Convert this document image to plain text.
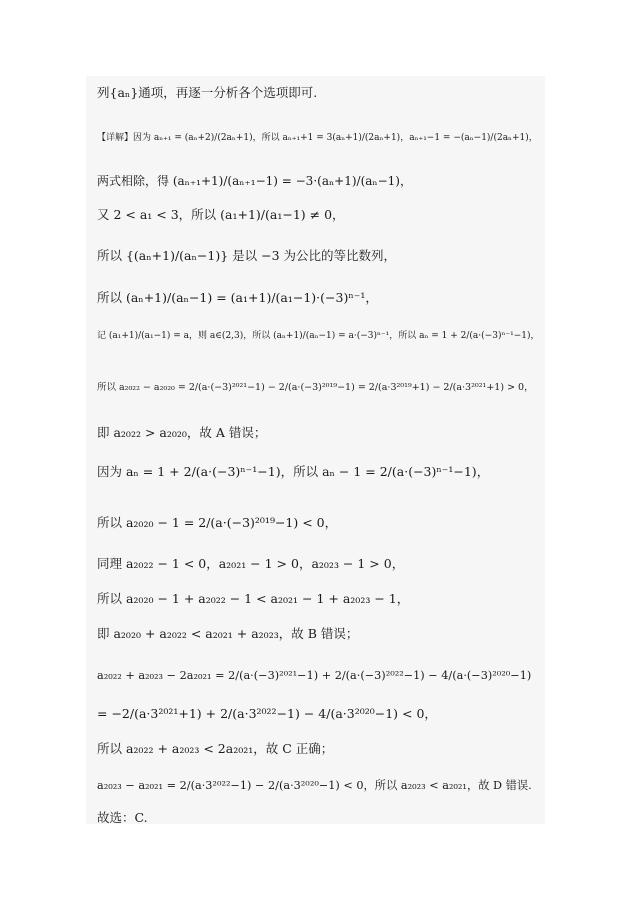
列{aₙ}通项，再逐一分析各个选项即可.
【详解】因为 aₙ₊₁ = (aₙ+2)/(2aₙ+1)，所以 aₙ₊₁+1 = 3(aₙ+1)/(2aₙ+1)，aₙ₊₁−1 = −(aₙ−1)/(2aₙ+1)，
两式相除，得 (aₙ₊₁+1)/(aₙ₊₁−1) = −3·(aₙ+1)/(aₙ−1)，
又 2 < a₁ < 3，所以 (a₁+1)/(a₁−1) ≠ 0，
所以 {(aₙ+1)/(aₙ−1)} 是以 −3 为公比的等比数列，
所以 (aₙ+1)/(aₙ−1) = (a₁+1)/(a₁−1)·(−3)ⁿ⁻¹，
记 (a₁+1)/(a₁−1) = a，则 a∈(2,3)，所以 (aₙ+1)/(aₙ−1) = a·(−3)ⁿ⁻¹，所以 aₙ = 1 + 2/(a·(−3)ⁿ⁻¹−1)，
所以 a₂₀₂₂ − a₂₀₂₀ = 2/(a·(−3)²⁰²¹−1) − 2/(a·(−3)²⁰¹⁹−1) = 2/(a·3²⁰¹⁹+1) − 2/(a·3²⁰²¹+1) > 0，
即 a₂₀₂₂ > a₂₀₂₀，故 A 错误；
因为 aₙ = 1 + 2/(a·(−3)ⁿ⁻¹−1)，所以 aₙ − 1 = 2/(a·(−3)ⁿ⁻¹−1)，
所以 a₂₀₂₀ − 1 = 2/(a·(−3)²⁰¹⁹−1) < 0，
同理 a₂₀₂₂ − 1 < 0，a₂₀₂₁ − 1 > 0，a₂₀₂₃ − 1 > 0，
所以 a₂₀₂₀ − 1 + a₂₀₂₂ − 1 < a₂₀₂₁ − 1 + a₂₀₂₃ − 1，
即 a₂₀₂₀ + a₂₀₂₂ < a₂₀₂₁ + a₂₀₂₃，故 B 错误；
a₂₀₂₂ + a₂₀₂₃ − 2a₂₀₂₁ = 2/(a·(−3)²⁰²¹−1) + 2/(a·(−3)²⁰²²−1) − 4/(a·(−3)²⁰²⁰−1)
= −2/(a·3²⁰²¹+1) + 2/(a·3²⁰²²−1) − 4/(a·3²⁰²⁰−1) < 0，
所以 a₂₀₂₂ + a₂₀₂₃ < 2a₂₀₂₁，故 C 正确；
a₂₀₂₃ − a₂₀₂₁ = 2/(a·3²⁰²²−1) − 2/(a·3²⁰²⁰−1) < 0，所以 a₂₀₂₃ < a₂₀₂₁，故 D 错误.
故选：C.
